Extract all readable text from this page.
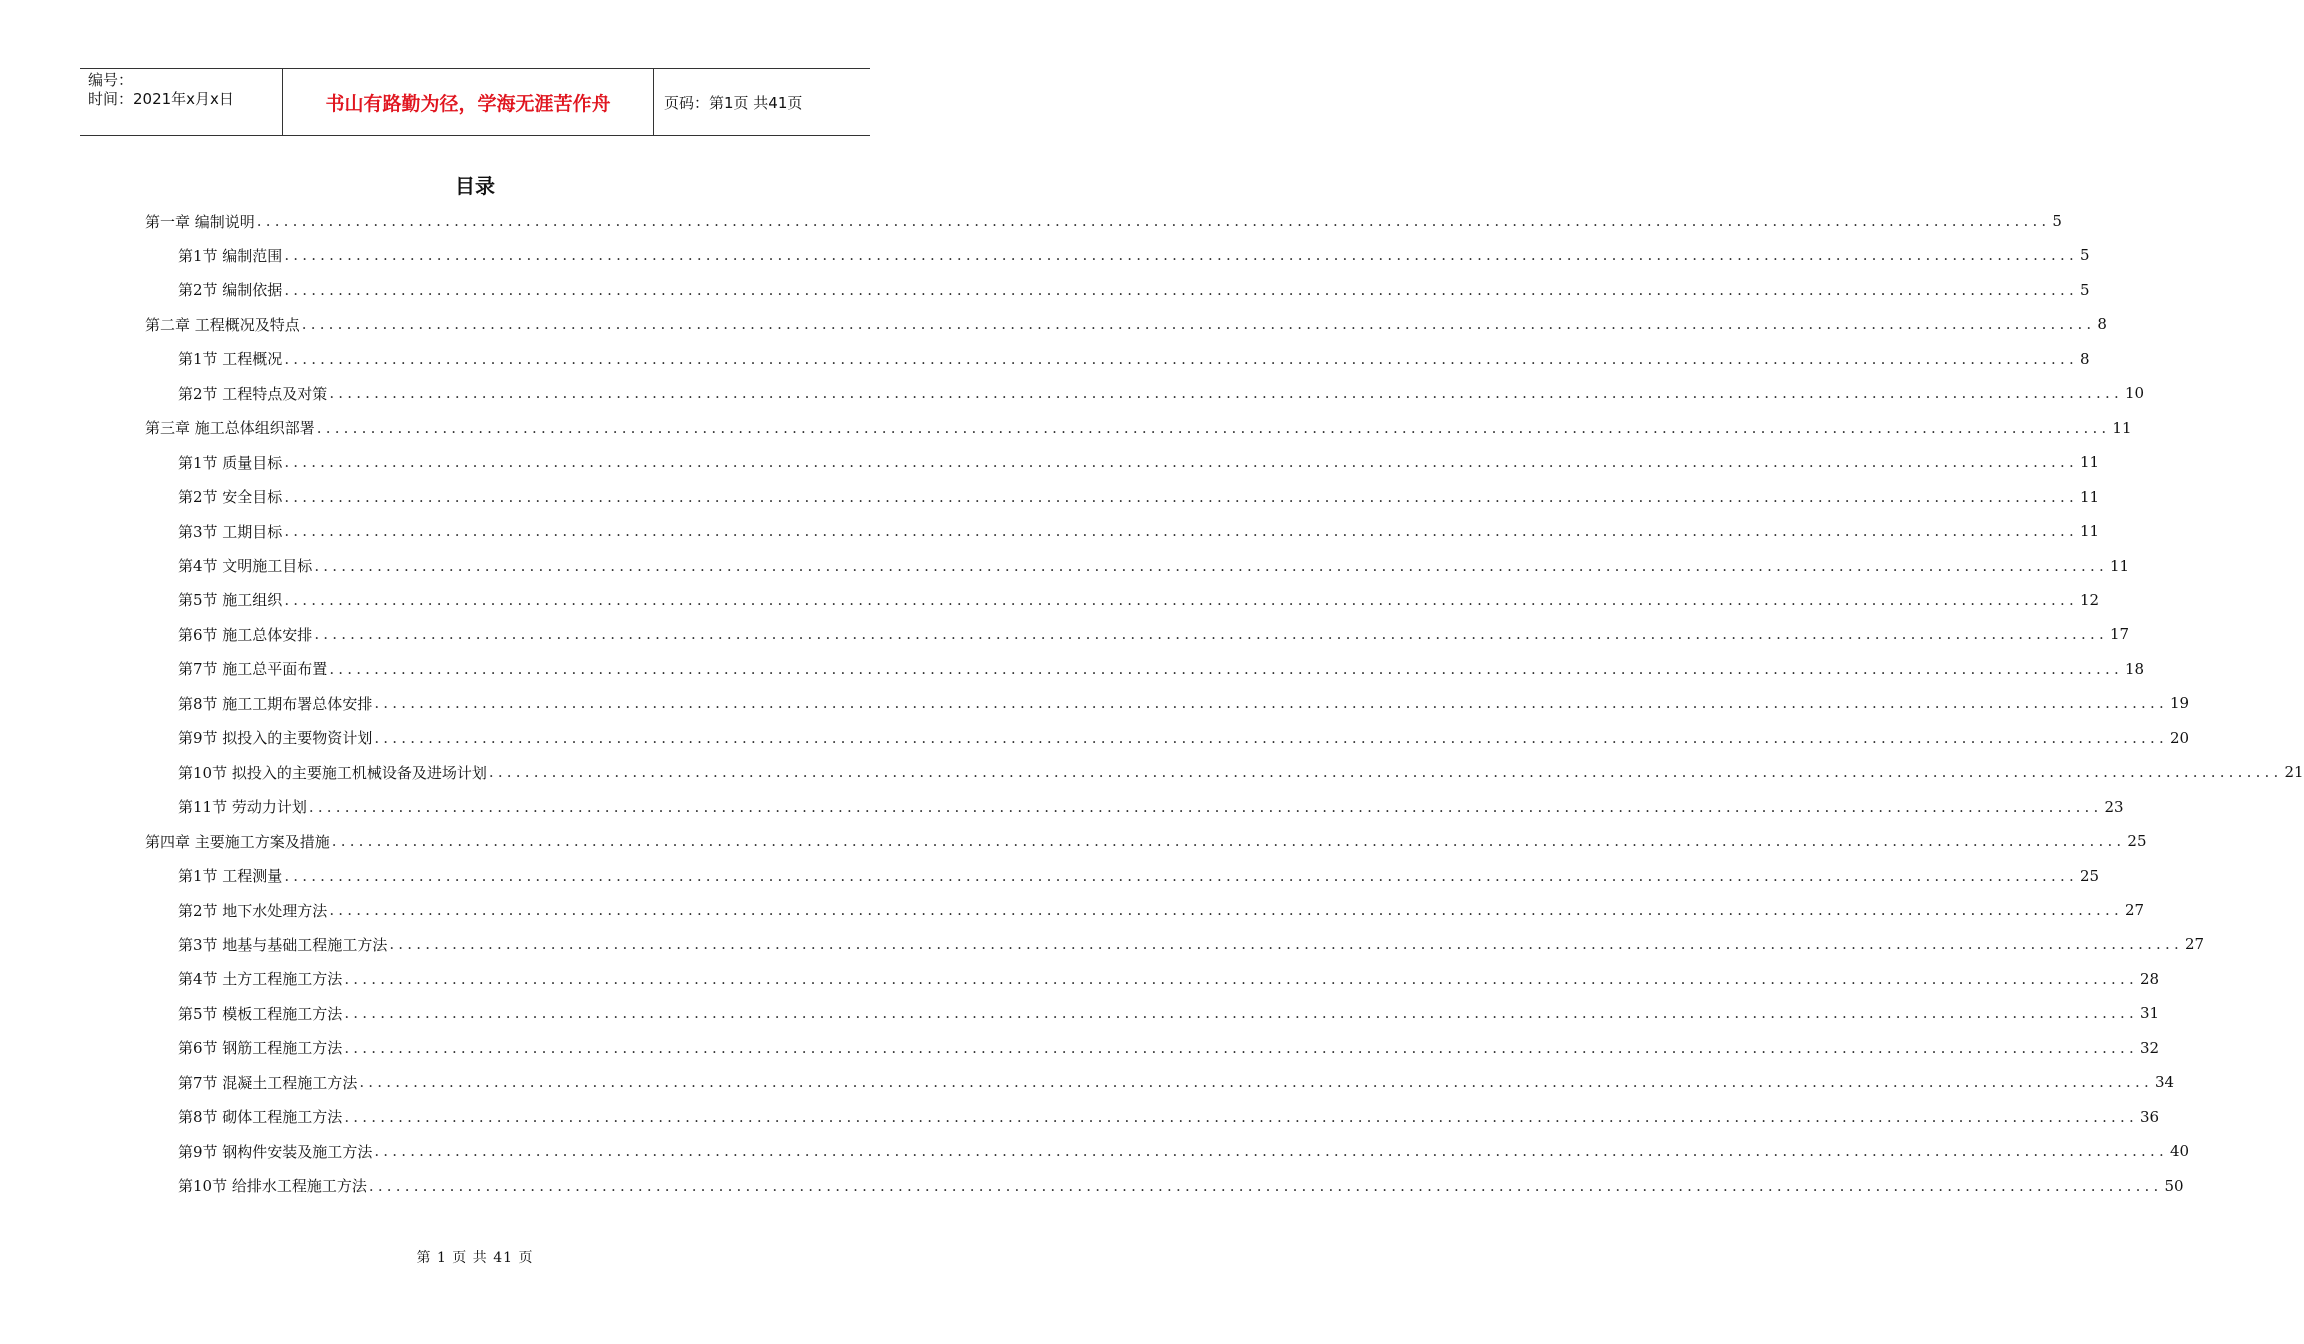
编号：
时间：2021年x月x日	书山有路勤为径，学海无涯苦作舟	页码：第1页 共41页
目录
第一章 编制说明 ........................................................................................................................................................................................................ 5
第1节 编制范围 ........................................................................................................................................................................................................ 5
第2节 编制依据 ........................................................................................................................................................................................................ 5
第二章 工程概况及特点 ........................................................................................................................................................................................................ 8
第1节 工程概况 ........................................................................................................................................................................................................ 8
第2节 工程特点及对策 ........................................................................................................................................................................................................ 10
第三章 施工总体组织部署 ........................................................................................................................................................................................................ 11
第1节 质量目标 ........................................................................................................................................................................................................ 11
第2节 安全目标 ........................................................................................................................................................................................................ 11
第3节 工期目标 ........................................................................................................................................................................................................ 11
第4节 文明施工目标 ........................................................................................................................................................................................................ 11
第5节 施工组织 ........................................................................................................................................................................................................ 12
第6节 施工总体安排 ........................................................................................................................................................................................................ 17
第7节 施工总平面布置 ........................................................................................................................................................................................................ 18
第8节 施工工期布署总体安排 ........................................................................................................................................................................................................ 19
第9节 拟投入的主要物资计划 ........................................................................................................................................................................................................ 20
第10节 拟投入的主要施工机械设备及进场计划 ........................................................................................................................................................................................................ 21
第11节 劳动力计划 ........................................................................................................................................................................................................ 23
第四章 主要施工方案及措施 ........................................................................................................................................................................................................ 25
第1节 工程测量 ........................................................................................................................................................................................................ 25
第2节 地下水处理方法 ........................................................................................................................................................................................................ 27
第3节 地基与基础工程施工方法 ........................................................................................................................................................................................................ 27
第4节 土方工程施工方法 ........................................................................................................................................................................................................ 28
第5节 模板工程施工方法 ........................................................................................................................................................................................................ 31
第6节 钢筋工程施工方法 ........................................................................................................................................................................................................ 32
第7节 混凝土工程施工方法 ........................................................................................................................................................................................................ 34
第8节 砌体工程施工方法 ........................................................................................................................................................................................................ 36
第9节 钢构件安装及施工方法 ........................................................................................................................................................................................................ 40
第10节 给排水工程施工方法 ........................................................................................................................................................................................................ 50
第 1 页 共 41 页
